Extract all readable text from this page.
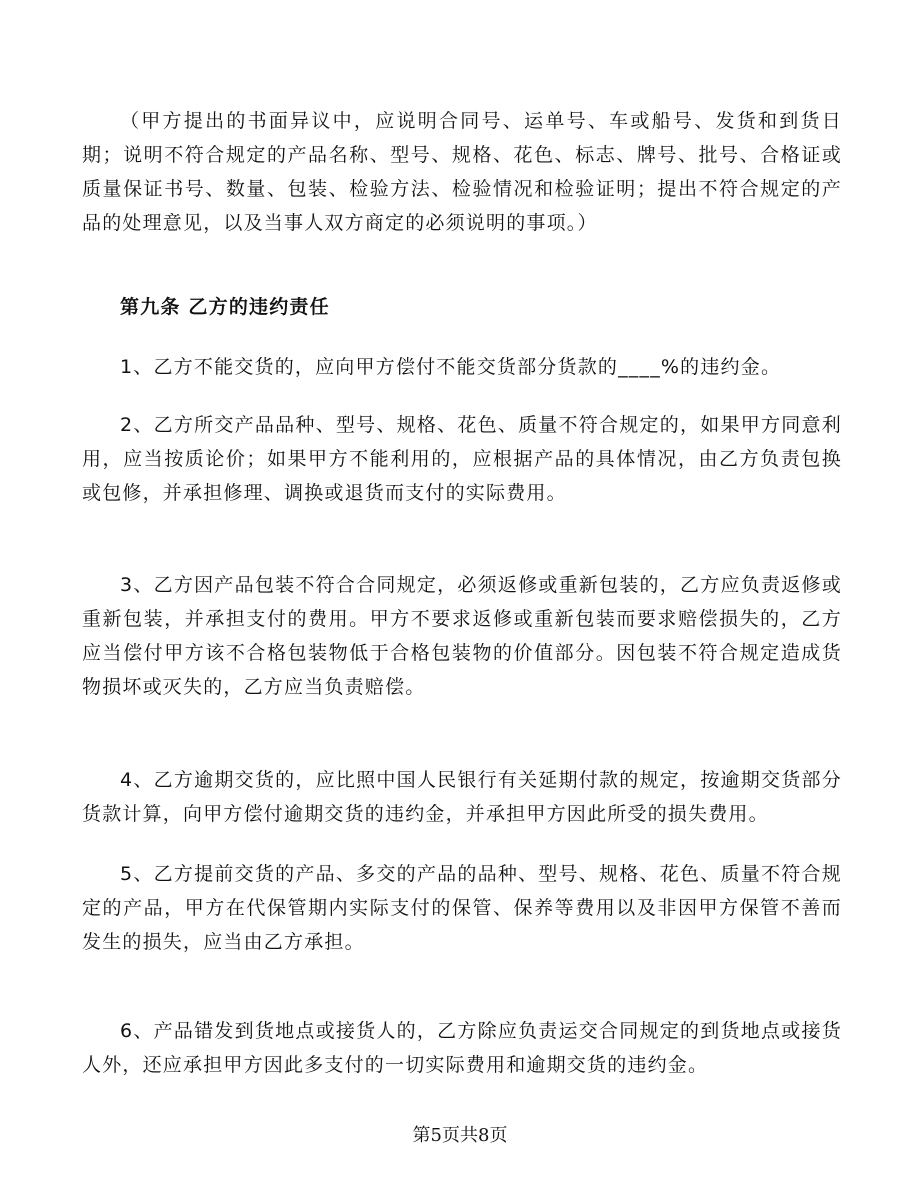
（甲方提出的书面异议中，应说明合同号、运单号、车或船号、发货和到货日期；说明不符合规定的产品名称、型号、规格、花色、标志、牌号、批号、合格证或质量保证书号、数量、包装、检验方法、检验情况和检验证明；提出不符合规定的产品的处理意见，以及当事人双方商定的必须说明的事项。）

第九条 乙方的违约责任

1、乙方不能交货的，应向甲方偿付不能交货部分货款的____%的违约金。

2、乙方所交产品品种、型号、规格、花色、质量不符合规定的，如果甲方同意利用，应当按质论价；如果甲方不能利用的，应根据产品的具体情况，由乙方负责包换或包修，并承担修理、调换或退货而支付的实际费用。

3、乙方因产品包装不符合合同规定，必须返修或重新包装的，乙方应负责返修或重新包装，并承担支付的费用。甲方不要求返修或重新包装而要求赔偿损失的，乙方应当偿付甲方该不合格包装物低于合格包装物的价值部分。因包装不符合规定造成货物损坏或灭失的，乙方应当负责赔偿。

4、乙方逾期交货的，应比照中国人民银行有关延期付款的规定，按逾期交货部分货款计算，向甲方偿付逾期交货的违约金，并承担甲方因此所受的损失费用。

5、乙方提前交货的产品、多交的产品的品种、型号、规格、花色、质量不符合规定的产品，甲方在代保管期内实际支付的保管、保养等费用以及非因甲方保管不善而发生的损失，应当由乙方承担。

6、产品错发到货地点或接货人的，乙方除应负责运交合同规定的到货地点或接货人外，还应承担甲方因此多支付的一切实际费用和逾期交货的违约金。

第5页共8页
